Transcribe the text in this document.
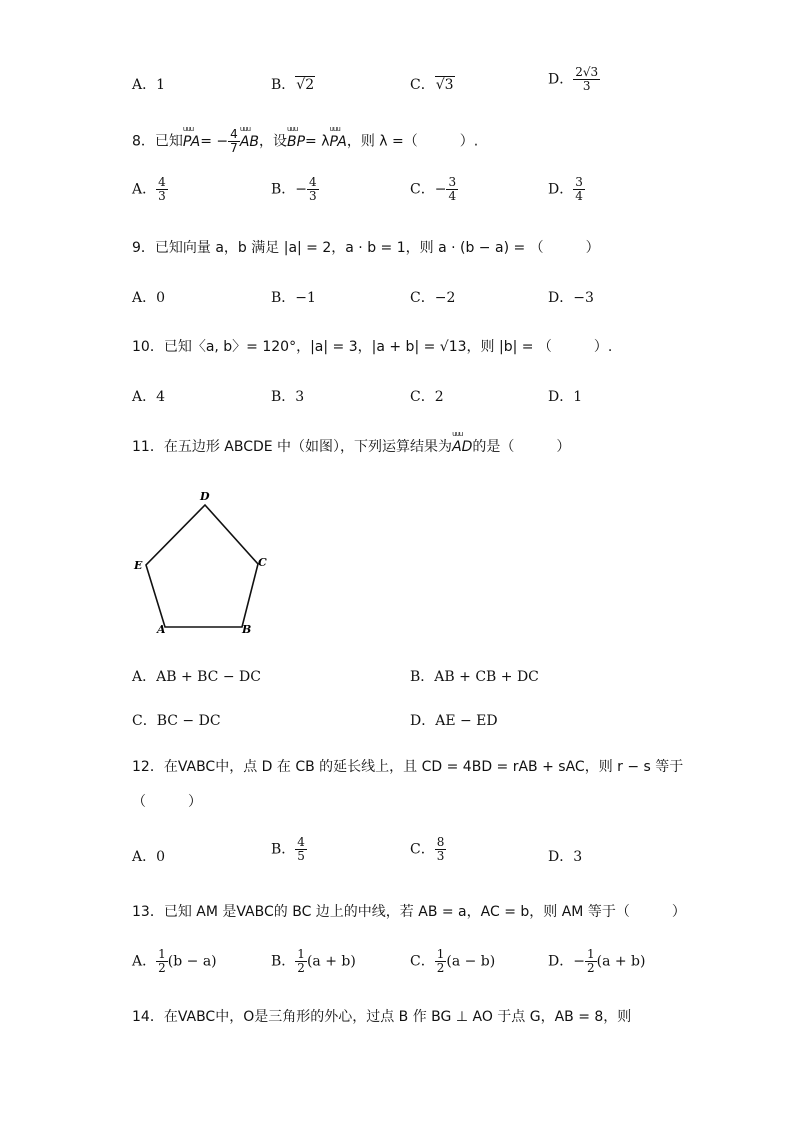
A．1	B．√2	C．√3	D． $\frac{2√3}{3}$
8．已知uuu $PA= - \frac{4}{7}$
uuu AB，设uuu BP= λuuu PA，则 λ =（　　　）.
A． $\frac{4}{3}$	B．− $\frac{4}{3}$	C．− $\frac{3}{4}$	D． $\frac{3}{4}$
9．已知向量 a，b 满足 |a| = 2，a · b = 1，则 a · (b − a) = （　　　）
A．0	B．−1	C．−2	D．−3
10．已知〈a, b〉= 120°，|a| = 3，|a + b| = √13，则 |b| = （　　　）.
A．4	B．3	C．2	D．1
11．在五边形 ABCDE 中（如图），下列运算结果为uuu AD的是（　　　）
D
C
E
A	B
A．AB + BC − DC	B．AB + CB + DC
C．BC − DC	D．AE − ED
12．在VABC中，点 D 在 CB 的延长线上，且 CD = 4BD = rAB + sAC，则 r − s 等于
（　　　）
A．0	B． $\frac{4}{5}$	C． $\frac{8}{3}$	D．3
13．已知 AM 是VABC的 BC 边上的中线，若 AB = a，AC = b，则 AM 等于（　　　）
A． $\frac{1}{2} (b - a)$	B． $\frac{1}{2} (a + b)$	C． $\frac{1}{2} (a - b)$	D．− $\frac{1}{2} (a + b)$
14．在VABC中，O是三角形的外心，过点 B 作 BG ⊥ AO 于点 G，AB = 8，则
